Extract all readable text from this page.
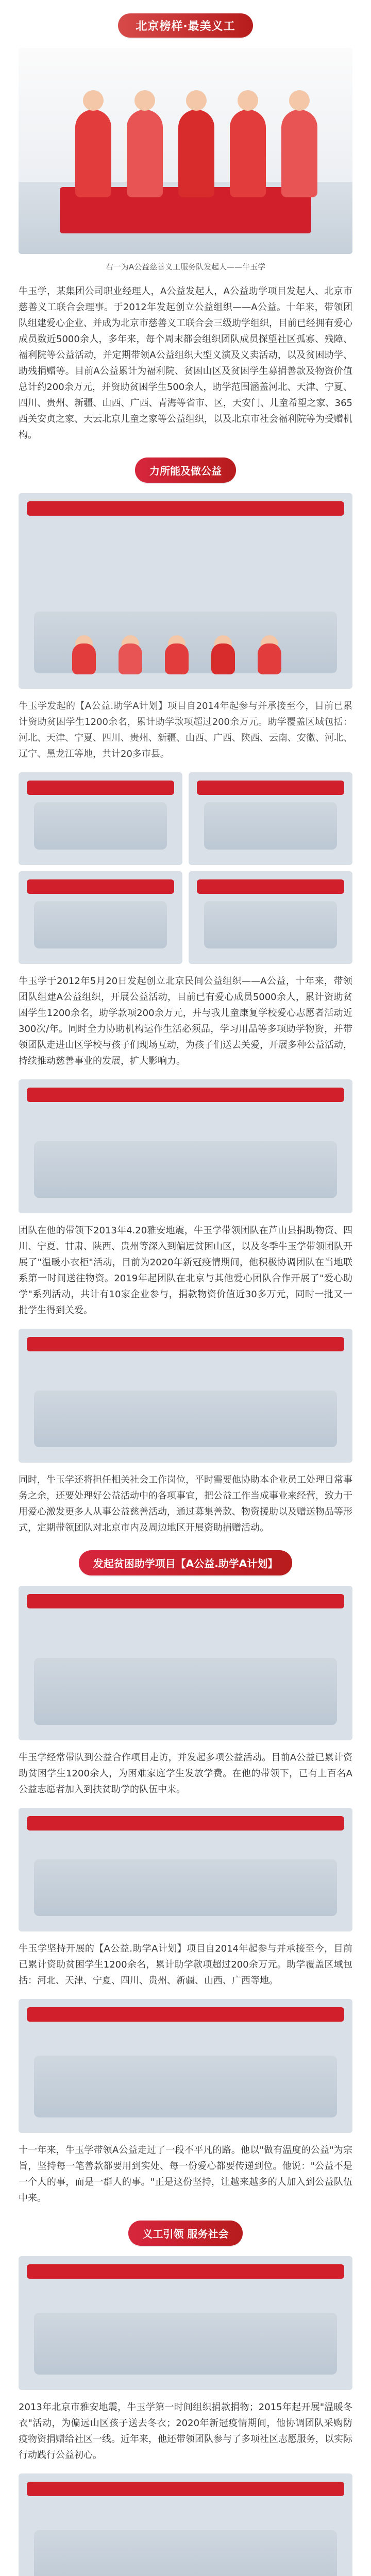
北京榜样·最美义工
右一为A公益慈善义工服务队发起人——牛玉学

牛玉学，某集团公司职业经理人，A公益发起人，A公益助学项目发起人、北京市慈善义工联合会理事。于2012年发起创立公益组织——A公益。十年来，带领团队组建爱心企业、并成为北京市慈善义工联合会三级助学组织，目前已经拥有爱心成员数近5000余人，多年来，每个周末都会组织团队成员探望社区孤寡、残障、福利院等公益活动，并定期带领A公益组织大型义演及义卖活动，以及贫困助学、助残捐赠等。目前A公益累计为福利院、贫困山区及贫困学生募捐善款及物资价值总计约200余万元，并资助贫困学生500余人，助学范围涵盖河北、天津、宁夏、四川、贵州、新疆、山西、广西、青海等省市、区，天安门、儿童希望之家、365西关安贞之家、天云北京儿童之家等公益组织，以及北京市社会福利院等为受赠机构。

力所能及做公益

牛玉学发起的【A公益.助学A计划】项目自2014年起参与并承接至今，目前已累计资助贫困学生1200余名，累计助学款项超过200余万元。助学覆盖区域包括：河北、天津、宁夏、四川、贵州、新疆、山西、广西、陕西、云南、安徽、河北、辽宁、黑龙江等地，共计20多市县。

牛玉学于2012年5月20日发起创立北京民间公益组织——A公益，十年来，带领团队组建A公益组织，开展公益活动，目前已有爱心成员5000余人，累计资助贫困学生1200余名，助学款项200余万元，并与我儿童康复学校爱心志愿者活动近300次/年。同时全力协助机构运作生活必须品，学习用品等多项助学物资，并带领团队走进山区学校与孩子们现场互动，为孩子们送去关爱，开展多种公益活动，持续推动慈善事业的发展，扩大影响力。

团队在他的带领下2013年4.20雅安地震，牛玉学带领团队在芦山县捐助物资、四川、宁夏、甘肃、陕西、贵州等深入到偏远贫困山区，以及冬季牛玉学带领团队开展了"温暖小衣柜"活动，目前为2020年新冠疫情期间，他积极协调团队在当地联系第一时间送往物资。2019年起团队在北京与其他爱心团队合作开展了"爱心助学"系列活动，共计有10家企业参与，捐款物资价值近30多万元，同时一批又一批学生得到关爱。

同时，牛玉学还将担任相关社会工作岗位，平时需要他协助本企业员工处理日常事务之余，还要处理好公益活动中的各项事宜，把公益工作当成事业来经营，致力于用爱心激发更多人从事公益慈善活动，通过募集善款、物资援助以及赠送物品等形式，定期带领团队对北京市内及周边地区开展资助捐赠活动。

发起贫困助学项目【A公益.助学A计划】

牛玉学经常带队到公益合作项目走访，并发起多项公益活动。目前A公益已累计资助贫困学生1200余人，为困难家庭学生发放学费。在他的带领下，已有上百名A公益志愿者加入到扶贫助学的队伍中来。

牛玉学坚持开展的【A公益.助学A计划】项目自2014年起参与并承接至今，目前已累计资助贫困学生1200余名，累计助学款项超过200余万元。助学覆盖区域包括：河北、天津、宁夏、四川、贵州、新疆、山西、广西等地。

十一年来，牛玉学带领A公益走过了一段不平凡的路。他以"做有温度的公益"为宗旨，坚持每一笔善款都要用到实处、每一份爱心都要传递到位。他说："公益不是一个人的事，而是一群人的事。"正是这份坚持，让越来越多的人加入到公益队伍中来。

义工引领 服务社会

2013年北京市雅安地震，牛玉学第一时间组织捐款捐物；2015年起开展"温暖冬衣"活动，为偏远山区孩子送去冬衣；2020年新冠疫情期间，他协调团队采购防疫物资捐赠给社区一线。近年来，他还带领团队参与了多项社区志愿服务，以实际行动践行公益初心。
